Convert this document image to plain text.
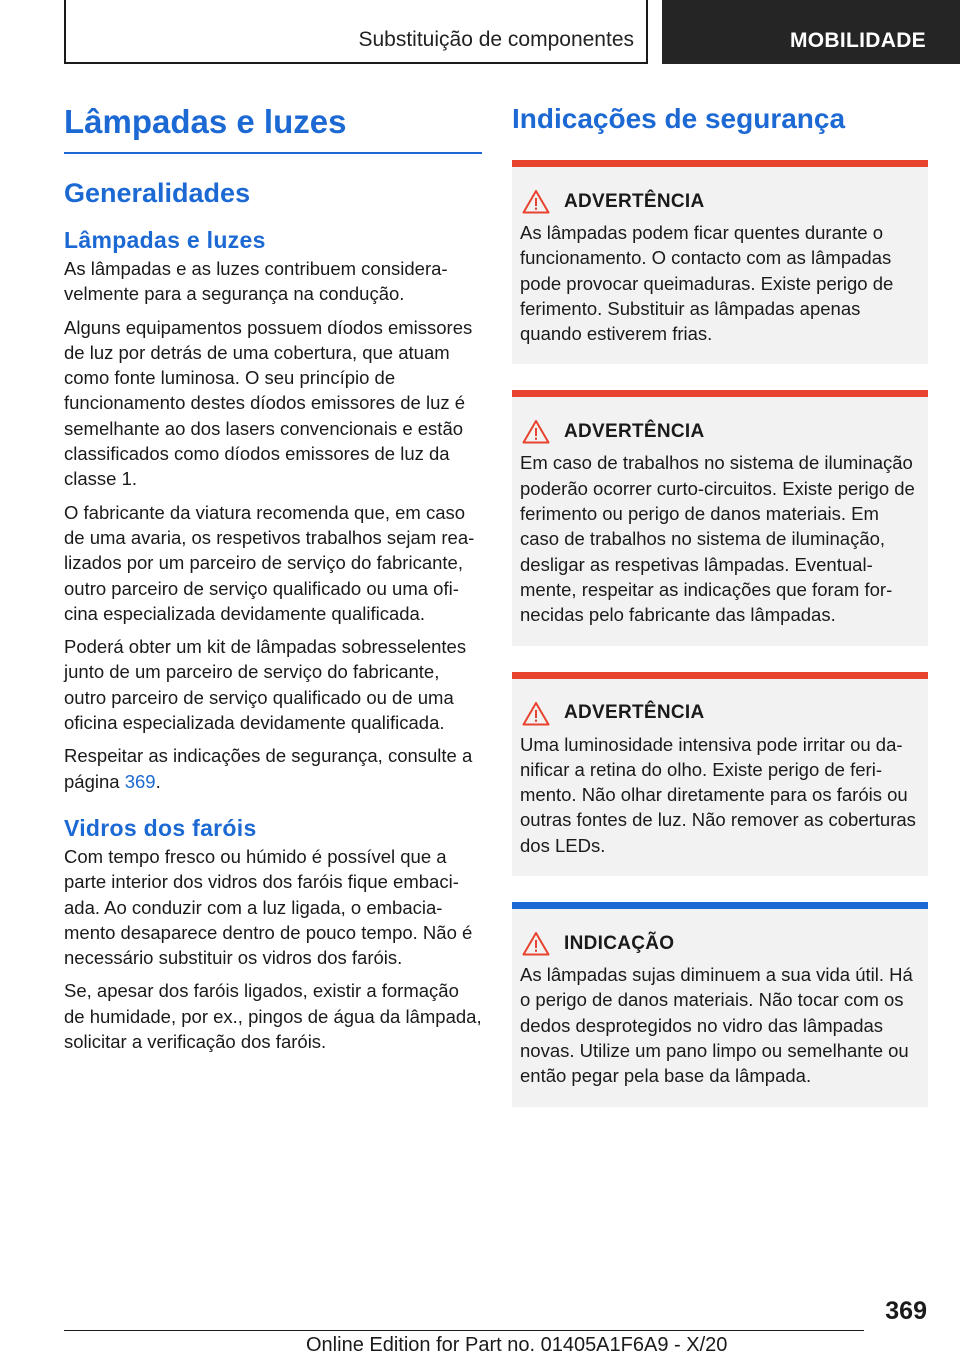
Substituição de componentes	MOBILIDADE
Lâmpadas e luzes
Generalidades
Lâmpadas e luzes

As lâmpadas e as luzes contribuem consideravelmente para a segurança na condução.

Alguns equipamentos possuem díodos emissores de luz por detrás de uma cobertura, que atuam como fonte luminosa. O seu princípio de funcionamento destes díodos emissores de luz é semelhante ao dos lasers convencionais e estão classificados como díodos emissores de luz da classe 1.

O fabricante da viatura recomenda que, em caso de uma avaria, os respetivos trabalhos sejam realizados por um parceiro de serviço do fabricante, outro parceiro de serviço qualificado ou uma oficina especializada devidamente qualificada.

Poderá obter um kit de lâmpadas sobresselentes junto de um parceiro de serviço do fabricante, outro parceiro de serviço qualificado ou de uma oficina especializada devidamente qualificada.

Respeitar as indicações de segurança, consulte a página 369.

Vidros dos faróis

Com tempo fresco ou húmido é possível que a parte interior dos vidros dos faróis fique embaciada. Ao conduzir com a luz ligada, o embaciamento desaparece dentro de pouco tempo. Não é necessário substituir os vidros dos faróis.

Se, apesar dos faróis ligados, existir a formação de humidade, por ex., pingos de água da lâmpada, solicitar a verificação dos faróis.

Indicações de segurança
ADVERTÊNCIA

As lâmpadas podem ficar quentes durante o funcionamento. O contacto com as lâmpadas pode provocar queimaduras. Existe perigo de ferimento. Substituir as lâmpadas apenas quando estiverem frias.

ADVERTÊNCIA

Em caso de trabalhos no sistema de iluminação poderão ocorrer curto-circuitos. Existe perigo de ferimento ou perigo de danos materiais. Em caso de trabalhos no sistema de iluminação, desligar as respetivas lâmpadas. Eventualmente, respeitar as indicações que foram fornecidas pelo fabricante das lâmpadas.

ADVERTÊNCIA

Uma luminosidade intensiva pode irritar ou danificar a retina do olho. Existe perigo de ferimento. Não olhar diretamente para os faróis ou outras fontes de luz. Não remover as coberturas dos LEDs.

INDICAÇÃO

As lâmpadas sujas diminuem a sua vida útil. Há o perigo de danos materiais. Não tocar com os dedos desprotegidos no vidro das lâmpadas novas. Utilize um pano limpo ou semelhante ou então pegar pela base da lâmpada.

369
Online Edition for Part no. 01405A1F6A9 - X/20
